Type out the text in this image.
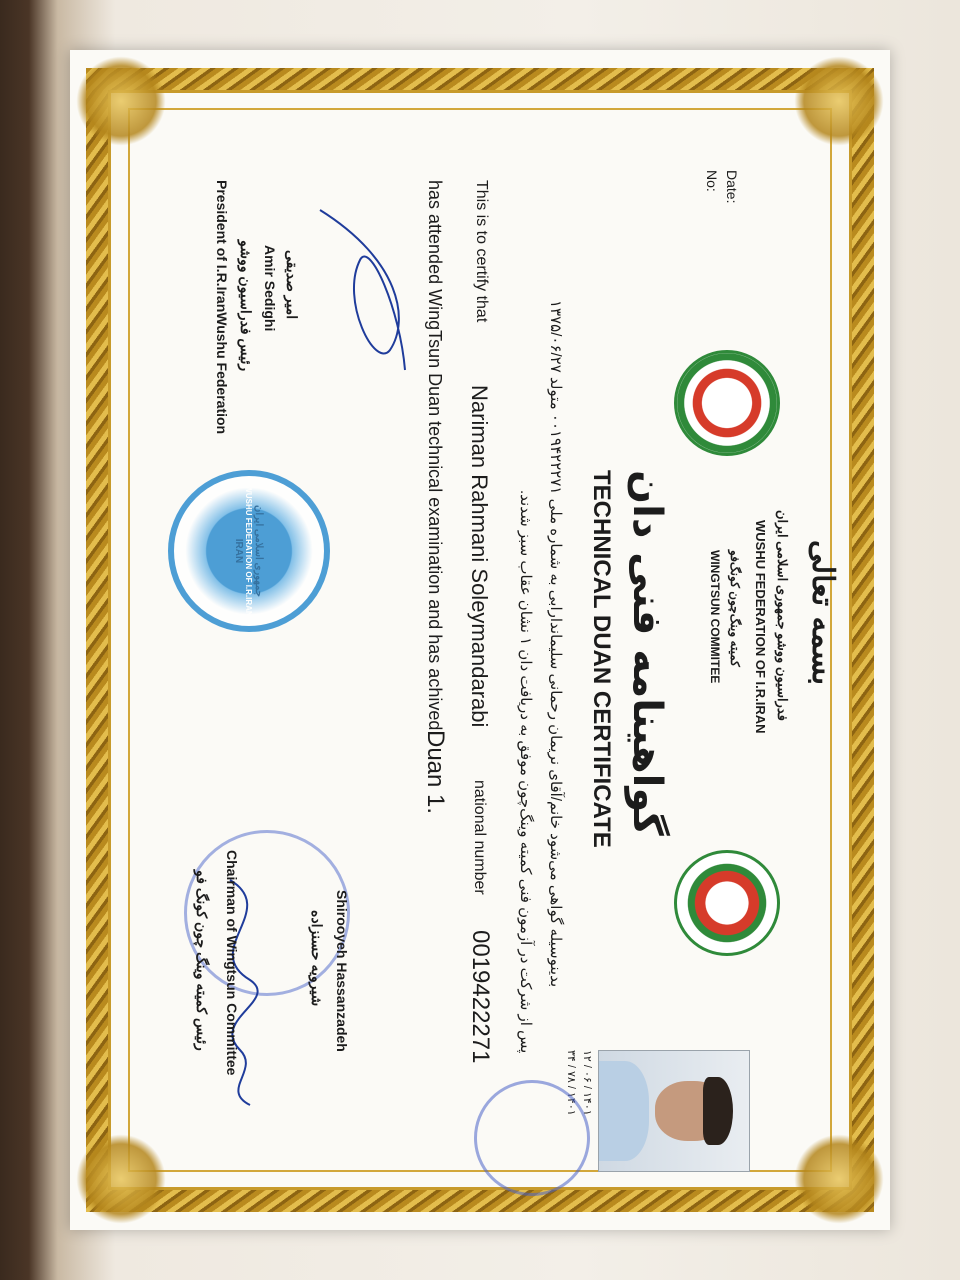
بسمه تعالی
Date:
No:
فدراسیون ووشو جمهوری اسلامی ایران
WUSHU FEDERATION OF I.R.IRAN
کمیته وینگ‌چون کونگ‌فو
WINGTSUN COMMITEE
۱۴۰۱ / ۰۶ / ۱۲
۱۴۰۱ / ۷۸ / ۳۴
گواهینامه فنی دان
TECHNICAL DUAN CERTIFICATE
بدینوسیله گواهی می‌شود خانم/آقای نریمان رحمانی سلیماندارابی به شماره ملی ۰۰۱۹۴۲۲۲۷۱ متولد ۱۳۷۵/۰۶/۲۷
پس از شرکت در آزمون فنی کمیته وینگ‌چون موفق به دریافت دان ۱ نشان عقاب سبز شدند.
This is to certify that
Nariman Rahmani Soleymandarabi
national number
0019422271
has attended WingTsun Duan technical examination and has achived
Duan 1.
امیر صدیقی
Amir Sedighi
رئیس فدراسیون ووشو
President of I.R.IranWushu Federation
جمهوری اسلامی ایران
WUSHU FEDERATION OF I.R.IRAN
IRAN
Shirooyeh Hassanzadeh
شیرویه حسنزاده
Chairman of Wingtsun Committee
رئیس کمیته وینگ چون کونگ فو
